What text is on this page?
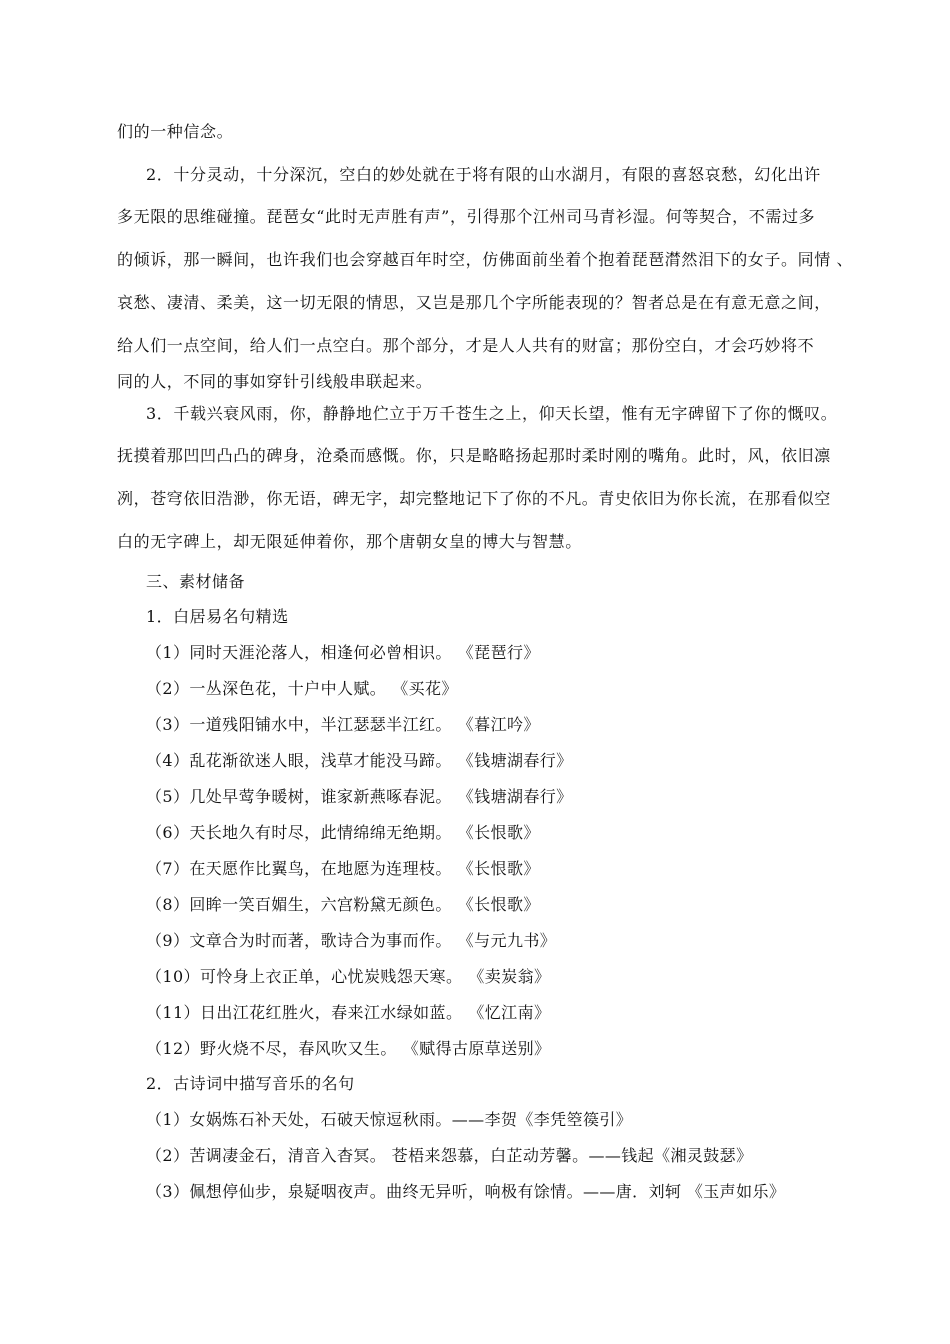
们的一种信念。
2．十分灵动，十分深沉，空白的妙处就在于将有限的山水湖月，有限的喜怒哀愁，幻化出许
多无限的思维碰撞。琵琶女“此时无声胜有声”，引得那个江州司马青衫湿。何等契合，不需过多
的倾诉，那一瞬间，也许我们也会穿越百年时空，仿佛面前坐着个抱着琵琶潸然泪下的女子。同情 、
哀愁、凄清、柔美，这一切无限的情思，又岂是那几个字所能表现的？智者总是在有意无意之间，
给人们一点空间，给人们一点空白。那个部分，才是人人共有的财富；那份空白，才会巧妙将不
同的人，不同的事如穿针引线般串联起来。
3．千载兴衰风雨，你，静静地伫立于万千苍生之上，仰天长望，惟有无字碑留下了你的慨叹。
抚摸着那凹凹凸凸的碑身，沧桑而感慨。你，只是略略扬起那时柔时刚的嘴角。此时，风，依旧凛
冽，苍穹依旧浩渺，你无语，碑无字，却完整地记下了你的不凡。青史依旧为你长流，在那看似空
白的无字碑上，却无限延伸着你，那个唐朝女皇的博大与智慧。
三、素材储备
1．白居易名句精选
（1）同时天涯沦落人，相逢何必曾相识。 《琵琶行》
（2）一丛深色花，十户中人赋。 《买花》
（3）一道残阳铺水中，半江瑟瑟半江红。 《暮江吟》
（4）乱花渐欲迷人眼，浅草才能没马蹄。 《钱塘湖春行》
（5）几处早莺争暖树，谁家新燕啄春泥。 《钱塘湖春行》
（6）天长地久有时尽，此情绵绵无绝期。 《长恨歌》
（7）在天愿作比翼鸟，在地愿为连理枝。 《长恨歌》
（8）回眸一笑百媚生，六宫粉黛无颜色。 《长恨歌》
（9）文章合为时而著，歌诗合为事而作。 《与元九书》
（10）可怜身上衣正单，心忧炭贱怨天寒。 《卖炭翁》
（11）日出江花红胜火，春来江水绿如蓝。 《忆江南》
（12）野火烧不尽，春风吹又生。 《赋得古原草送别》
2．古诗词中描写音乐的名句
（1）女娲炼石补天处，石破天惊逗秋雨。——李贺《李凭箜篌引》
（2）苦调凄金石，清音入杳冥。 苍梧来怨慕，白芷动芳馨。——钱起《湘灵鼓瑟》
（3）佩想停仙步，泉疑咽夜声。曲终无异听，响极有馀情。——唐．刘轲 《玉声如乐》
